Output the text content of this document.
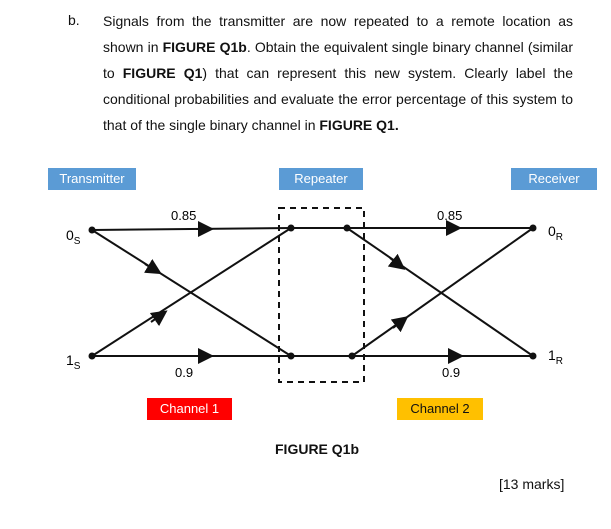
b. Signals from the transmitter are now repeated to a remote location as shown in FIGURE Q1b. Obtain the equivalent single binary channel (similar to FIGURE Q1) that can represent this new system. Clearly label the conditional probabilities and evaluate the error percentage of this system to that of the single binary channel in FIGURE Q1.
Transmitter	Repeater	Receiver
$0_S$
$1_S$
$0_R$
$1_R$
0.85
0.9
0.85
0.9
Channel 1	Channel 2
FIGURE Q1b
[13 marks]
